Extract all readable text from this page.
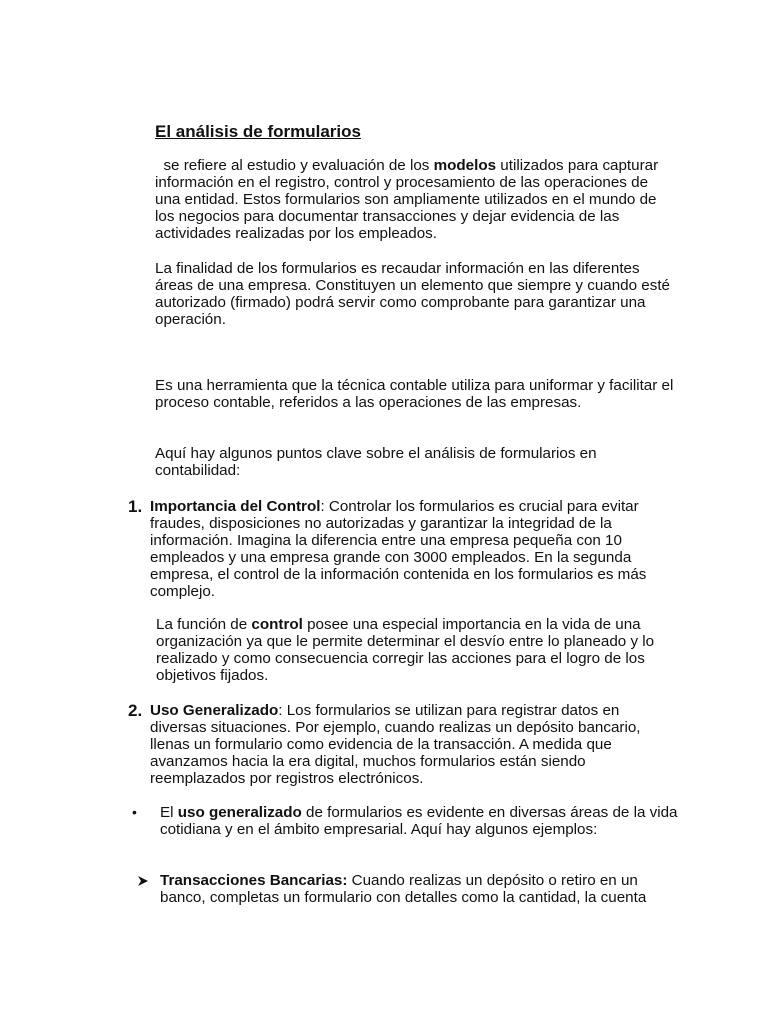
El análisis de formularios

se refiere al estudio y evaluación de los modelos utilizados para capturar información en el registro, control y procesamiento de las operaciones de una entidad. Estos formularios son ampliamente utilizados en el mundo de los negocios para documentar transacciones y dejar evidencia de las actividades realizadas por los empleados.

La finalidad de los formularios es recaudar información en las diferentes áreas de una empresa. Constituyen un elemento que siempre y cuando esté autorizado (firmado) podrá servir como comprobante para garantizar una operación.

Es una herramienta que la técnica contable utiliza para uniformar y facilitar el proceso contable, referidos a las operaciones de las empresas.

Aquí hay algunos puntos clave sobre el análisis de formularios en contabilidad:

1. Importancia del Control: Controlar los formularios es crucial para evitar fraudes, disposiciones no autorizadas y garantizar la integridad de la información. Imagina la diferencia entre una empresa pequeña con 10 empleados y una empresa grande con 3000 empleados. En la segunda empresa, el control de la información contenida en los formularios es más complejo.

La función de control posee una especial importancia en la vida de una organización ya que le permite determinar el desvío entre lo planeado y lo realizado y como consecuencia corregir las acciones para el logro de los objetivos fijados.

2. Uso Generalizado: Los formularios se utilizan para registrar datos en diversas situaciones. Por ejemplo, cuando realizas un depósito bancario, llenas un formulario como evidencia de la transacción. A medida que avanzamos hacia la era digital, muchos formularios están siendo reemplazados por registros electrónicos.

• El uso generalizado de formularios es evidente en diversas áreas de la vida cotidiana y en el ámbito empresarial. Aquí hay algunos ejemplos:

Transacciones Bancarias: Cuando realizas un depósito o retiro en un banco, completas un formulario con detalles como la cantidad, la cuenta
